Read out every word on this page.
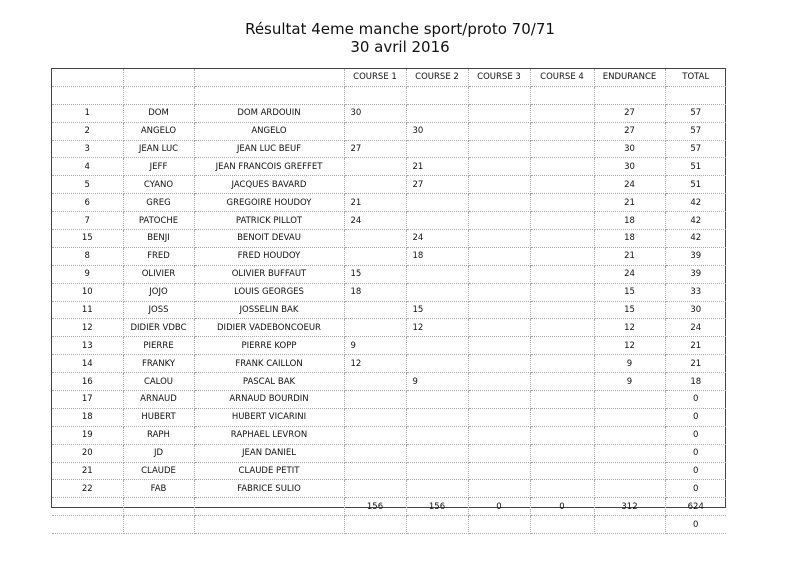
Résultat 4eme manche sport/proto 70/71
30 avril 2016
			COURSE 1	COURSE 2	COURSE 3	COURSE 4	ENDURANCE	TOTAL

1	DOM	DOM ARDOUIN	30				27	57
2	ANGELO	ANGELO		30			27	57
3	JEAN LUC	JEAN LUC BEUF	27				30	57
4	JEFF	JEAN FRANCOIS GREFFET		21			30	51
5	CYANO	JACQUES BAVARD		27			24	51
6	GREG	GREGOIRE HOUDOY	21				21	42
7	PATOCHE	PATRICK PILLOT	24				18	42
15	BENJI	BENOIT DEVAU		24			18	42
8	FRED	FRED HOUDOY		18			21	39
9	OLIVIER	OLIVIER BUFFAUT	15				24	39
10	JOJO	LOUIS GEORGES	18				15	33
11	JOSS	JOSSELIN BAK		15			15	30
12	DIDIER VDBC	DIDIER VADEBONCOEUR		12			12	24
13	PIERRE	PIERRE KOPP	9				12	21
14	FRANKY	FRANK CAILLON	12				9	21
16	CALOU	PASCAL BAK		9			9	18
17	ARNAUD	ARNAUD BOURDIN						0
18	HUBERT	HUBERT VICARINI						0
19	RAPH	RAPHAEL LEVRON						0
20	JD	JEAN DANIEL						0
21	CLAUDE	CLAUDE PETIT						0
22	FAB	FABRICE SULIO						0
			156	156	0	0	312	624
								0
